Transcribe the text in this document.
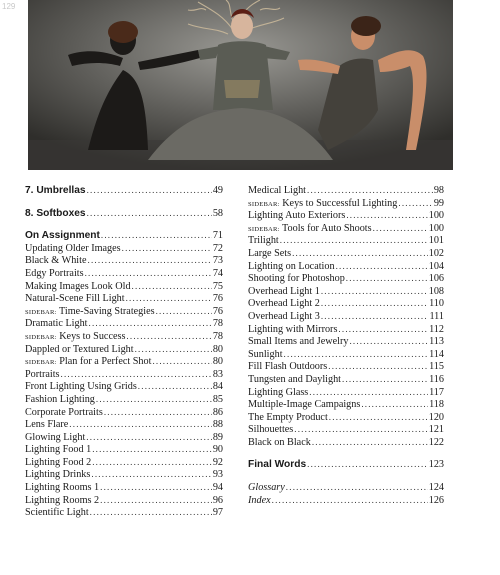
129
7. Umbrellas .....	49
8. Softboxes .....	58
On Assignment .....	71
Updating Older Images .....	72
Black & White .....	73
Edgy Portraits .....	74
Making Images Look Old .....	75
Natural-Scene Fill Light .....	76
SIDEBAR: Time-Saving Strategies .....	76
Dramatic Light .....	78
SIDEBAR: Keys to Success .....	78
Dappled or Textured Light .....	80
SIDEBAR: Plan for a Perfect Shot .....	80
Portraits .....	83
Front Lighting Using Grids .....	84
Fashion Lighting .....	85
Corporate Portraits .....	86
Lens Flare .....	88
Glowing Light .....	89
Lighting Food 1 .....	90
Lighting Food 2 .....	92
Lighting Drinks .....	93
Lighting Rooms 1 .....	94
Lighting Rooms 2 .....	96
Scientific Light .....	97
Medical Light .....	98
SIDEBAR: Keys to Successful Lighting .....	99
Lighting Auto Exteriors .....	100
SIDEBAR: Tools for Auto Shoots .....	100
Trilight .....	101
Large Sets .....	102
Lighting on Location .....	104
Shooting for Photoshop .....	106
Overhead Light 1 .....	108
Overhead Light 2 .....	110
Overhead Light 3 .....	111
Lighting with Mirrors .....	112
Small Items and Jewelry .....	113
Sunlight .....	114
Fill Flash Outdoors .....	115
Tungsten and Daylight .....	116
Lighting Glass .....	117
Multiple-Image Campaigns .....	118
The Empty Product .....	120
Silhouettes .....	121
Black on Black .....	122
Final Words .....	123
Glossary .....	124
Index .....	126
